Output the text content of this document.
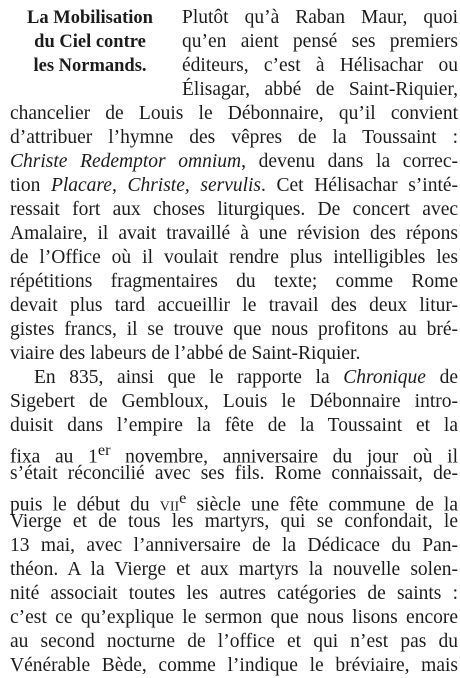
La Mobilisation
du Ciel contre
les Normands.
Plutôt qu’à Raban Maur, quoi
qu’en aient pensé ses premiers
éditeurs, c’est à Hélisachar ou
Élisagar, abbé de Saint-Riquier,
chancelier de Louis le Débonnaire, qu’il convient
d’attribuer l’hymne des vêpres de la Toussaint :
Christe Redemptor omnium, devenu dans la correc-
tion Placare, Christe, servulis. Cet Hélisachar s’inté-
ressait fort aux choses liturgiques. De concert avec
Amalaire, il avait travaillé à une révision des répons
de l’Office où il voulait rendre plus intelligibles les
répétitions fragmentaires du texte; comme Rome
devait plus tard accueillir le travail des deux litur-
gistes francs, il se trouve que nous profitons au bré-
viaire des labeurs de l’abbé de Saint-Riquier.
En 835, ainsi que le rapporte la Chronique de
Sigebert de Gembloux, Louis le Débonnaire intro-
duisit dans l’empire la fête de la Toussaint et la
fixa au 1er novembre, anniversaire du jour où il
s’était réconcilié avec ses fils. Rome connaissait, de-
puis le début du vii$^e$ siècle une fête commune de la
Vierge et de tous les martyrs, qui se confondait, le
13 mai, avec l’anniversaire de la Dédicace du Pan-
théon. A la Vierge et aux martyrs la nouvelle solen-
nité associait toutes les autres catégories de saints :
c’est ce qu’explique le sermon que nous lisons encore
au second nocturne de l’office et qui n’est pas du
Vénérable Bède, comme l’indique le bréviaire, mais
